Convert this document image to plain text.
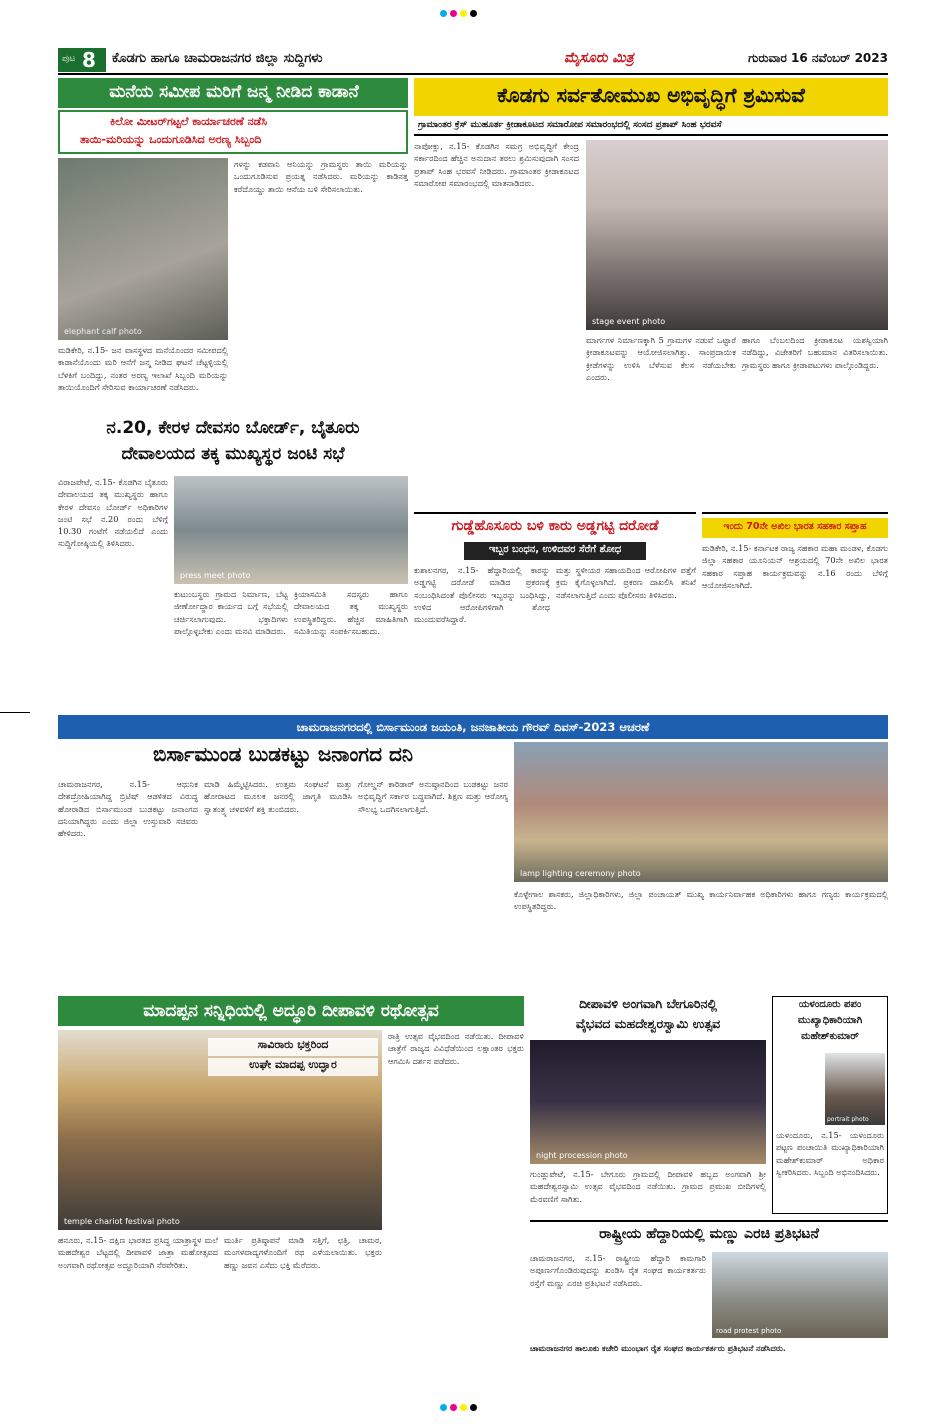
ಪುಟ 8 ಕೊಡಗು ಹಾಗೂ ಚಾಮರಾಜನಗರ ಜಿಲ್ಲಾ ಸುದ್ದಿಗಳು	ಮೈಸೂರು ಮಿತ್ರ	ಗುರುವಾರ 16 ನವೆಂಬರ್ 2023
ಮನೆಯ ಸಮೀಪ ಮರಿಗೆ ಜನ್ಮ ನೀಡಿದ ಕಾಡಾನೆ
ಕಿಲೋ ಮೀಟರ್‌ಗಟ್ಟಲೆ ಕಾರ್ಯಾಚರಣೆ ನಡೆಸಿ
ತಾಯಿ-ಮರಿಯನ್ನು ಒಂದುಗೂಡಿಸಿದ ಅರಣ್ಯ ಸಿಬ್ಬಂದಿ
elephant calf photo
ಮಡಿಕೇರಿ, ನ.15- ಜನ ವಾಸಸ್ಥಳದ ಮನೆಯೊಂದರ ಸಮೀಪದಲ್ಲಿ ಕಾಡಾನೆಯೊಂದು ಮರಿ ಆನೆಗೆ ಜನ್ಮ ನೀಡಿದ ಘಟನೆ ಚೆಟ್ಟಳ್ಳಿಯಲ್ಲಿ ಬೆಳಕಿಗೆ ಬಂದಿದ್ದು, ನಂತರ ಅರಣ್ಯ ಇಲಾಖೆ ಸಿಬ್ಬಂದಿ ಮರಿಯನ್ನು ತಾಯಿಯೊಂದಿಗೆ ಸೇರಿಸುವ ಕಾರ್ಯಾಚರಣೆ ನಡೆಸಿದರು.
ಗಳನ್ನು ಕಡವಾನಿ ಆನಿಯನ್ನು ಗ್ರಾಮಸ್ಥರು ತಾಯಿ ಮರಿಯನ್ನು ಒಂದುಗೂಡಿಸುವ ಪ್ರಯತ್ನ ನಡೆಸಿದರು. ಮರಿಯನ್ನು ಕಾಡಿನತ್ತ ಕರೆದೊಯ್ದು ತಾಯಿ ಆನೆಯ ಬಳಿ ಸೇರಿಸಲಾಯಿತು.
ಕೊಡಗು ಸರ್ವತೋಮುಖ ಅಭಿವೃದ್ಧಿಗೆ ಶ್ರಮಿಸುವೆ
ಗ್ರಾಮಾಂತರ ಕ್ರೆಸ್ ಮುಹೂರ್ತ ಕ್ರೀಡಾಕೂಟದ ಸಮಾರೋಪ ಸಮಾರಂಭದಲ್ಲಿ ಸಂಸದ ಪ್ರತಾಪ್ ಸಿಂಹ ಭರವಸೆ
ನಾಪೋಕ್ಲು, ನ.15- ಕೊಡಗಿನ ಸಮಗ್ರ ಅಭಿವೃದ್ಧಿಗೆ ಕೇಂದ್ರ ಸರ್ಕಾರದಿಂದ ಹೆಚ್ಚಿನ ಅನುದಾನ ತರಲು ಶ್ರಮಿಸುವುದಾಗಿ ಸಂಸದ ಪ್ರತಾಪ್ ಸಿಂಹ ಭರವಸೆ ನೀಡಿದರು. ಗ್ರಾಮಾಂತರ ಕ್ರೀಡಾಕೂಟದ ಸಮಾರೋಪ ಸಮಾರಂಭದಲ್ಲಿ ಮಾತನಾಡಿದರು.
stage event photo
ಮಾರ್ಗಗಳ ನಿರ್ಮಾಣಕ್ಕಾಗಿ 5 ಗ್ರಾಮಗಳ ನಡುವೆ ಒಟ್ಟಾರೆ ಕ್ರೀಡಾಕೂಟವನ್ನು ಆಯೋಜಿಸಲಾಗಿತ್ತು. ಸಾಂಪ್ರದಾಯಿಕ ಕ್ರೀಡೆಗಳನ್ನು ಉಳಿಸಿ ಬೆಳೆಸುವ ಕೆಲಸ ನಡೆಯಬೇಕು ಎಂದರು.
ಹಾಗೂ ಬೆಂಬಲದಿಂದ ಕ್ರೀಡಾಕೂಟ ಯಶಸ್ವಿಯಾಗಿ ನಡೆದಿದ್ದು, ವಿಜೇತರಿಗೆ ಬಹುಮಾನ ವಿತರಿಸಲಾಯಿತು. ಗ್ರಾಮಸ್ಥರು ಹಾಗೂ ಕ್ರೀಡಾಪಟುಗಳು ಪಾಲ್ಗೊಂಡಿದ್ದರು.
ನ.20, ಕೇರಳ ದೇವಸಂ ಬೋರ್ಡ್, ಬೈತೂರು
ದೇವಾಲಯದ ತಕ್ಕ ಮುಖ್ಯಸ್ಥರ ಜಂಟಿ ಸಭೆ
ವಿರಾಜಪೇಟೆ, ನ.15- ಕೊಡಗಿನ ಬೈತೂರು ದೇವಾಲಯದ ತಕ್ಕ ಮುಖ್ಯಸ್ಥರು ಹಾಗೂ ಕೇರಳ ದೇವಸಂ ಬೋರ್ಡ್ ಅಧಿಕಾರಿಗಳ ಜಂಟಿ ಸಭೆ ನ.20 ರಂದು ಬೆಳಿಗ್ಗೆ 10.30 ಗಂಟೆಗೆ ನಡೆಯಲಿದೆ ಎಂದು ಸುದ್ದಿಗೋಷ್ಠಿಯಲ್ಲಿ ತಿಳಿಸಿದರು.
press meet photo
ಕುಟುಂಬಸ್ಥರು ಗ್ರಾಮದ ನಿರ್ಮಾಣ, ಬೆಟ್ಟ ಜೀರ್ಣೋದ್ಧಾರ ಕಾರ್ಯದ ಬಗ್ಗೆ ಸಭೆಯಲ್ಲಿ ಚರ್ಚಿಸಲಾಗುವುದು. ಭಕ್ತಾದಿಗಳು ಪಾಲ್ಗೊಳ್ಳಬೇಕು ಎಂದು ಮನವಿ ಮಾಡಿದರು.
ಕ್ರಿಯಾಸಮಿತಿ ಸದಸ್ಯರು ಹಾಗೂ ದೇವಾಲಯದ ತಕ್ಕ ಮುಖ್ಯಸ್ಥರು ಉಪಸ್ಥಿತರಿದ್ದರು. ಹೆಚ್ಚಿನ ಮಾಹಿತಿಗಾಗಿ ಸಮಿತಿಯನ್ನು ಸಂಪರ್ಕಿಸಬಹುದು.
ಗುಡ್ಡೆಹೊಸೂರು ಬಳಿ ಕಾರು ಅಡ್ಡಗಟ್ಟಿ ದರೋಡೆ
ಇಬ್ಬರ ಬಂಧನ, ಉಳಿದವರ ಸೆರೆಗೆ ಶೋಧ
ಕುಶಾಲನಗರ, ನ.15- ಹೆದ್ದಾರಿಯಲ್ಲಿ ಕಾರನ್ನು ಅಡ್ಡಗಟ್ಟಿ ದರೋಡೆ ಮಾಡಿದ ಪ್ರಕರಣಕ್ಕೆ ಸಂಬಂಧಿಸಿದಂತೆ ಪೊಲೀಸರು ಇಬ್ಬರನ್ನು ಬಂಧಿಸಿದ್ದು, ಉಳಿದ ಆರೋಪಿಗಳಿಗಾಗಿ ಶೋಧ ಮುಂದುವರೆಸಿದ್ದಾರೆ.
ಮತ್ತು ಸ್ಥಳೀಯರ ಸಹಾಯದಿಂದ ಆರೋಪಿಗಳ ಪತ್ತೆಗೆ ಕ್ರಮ ಕೈಗೊಳ್ಳಲಾಗಿದೆ. ಪ್ರಕರಣ ದಾಖಲಿಸಿ ತನಿಖೆ ನಡೆಸಲಾಗುತ್ತಿದೆ ಎಂದು ಪೊಲೀಸರು ತಿಳಿಸಿದರು.
ಇಂದು 70ನೇ ಅಖಿಲ ಭಾರತ ಸಹಕಾರ ಸಪ್ತಾಹ
ಮಡಿಕೇರಿ, ನ.15- ಕರ್ನಾಟಕ ರಾಜ್ಯ ಸಹಕಾರ ಮಹಾ ಮಂಡಳ, ಕೊಡಗು ಜಿಲ್ಲಾ ಸಹಕಾರ ಯೂನಿಯನ್ ಆಶ್ರಯದಲ್ಲಿ 70ನೇ ಅಖಿಲ ಭಾರತ ಸಹಕಾರ ಸಪ್ತಾಹ ಕಾರ್ಯಕ್ರಮವನ್ನು ನ.16 ರಂದು ಬೆಳಿಗ್ಗೆ ಆಯೋಜಿಸಲಾಗಿದೆ.
ಚಾಮರಾಜನಗರದಲ್ಲಿ ಬಿರ್ಸಾಮುಂಡ ಜಯಂತಿ, ಜನಜಾತೀಯ ಗೌರವ್ ದಿವಸ್-2023 ಆಚರಣೆ
ಬಿರ್ಸಾಮುಂಡ ಬುಡಕಟ್ಟು ಜನಾಂಗದ ದನಿ
ಚಾಮರಾಜನಗರ, ನ.15- ಆಧುನಿಕ ದೇಶದ್ರೋಹಿಯಾಗಿದ್ದ ಬ್ರಿಟಿಷ್ ಆಡಳಿತದ ವಿರುದ್ಧ ಹೋರಾಡಿದ ಬಿರ್ಸಾಮುಂಡ ಬುಡಕಟ್ಟು ಜನಾಂಗದ ದನಿಯಾಗಿದ್ದರು ಎಂದು ಜಿಲ್ಲಾ ಉಸ್ತುವಾರಿ ಸಚಿವರು ಹೇಳಿದರು.
ಮಾಡಿ ಹಿಮ್ಮೆಟ್ಟಿಸಿದರು. ಉತ್ತಮ ಸಂಘಟನೆ ಮತ್ತು ಹೋರಾಟದ ಮೂಲಕ ಜನರಲ್ಲಿ ಜಾಗೃತಿ ಮೂಡಿಸಿ ಸ್ವಾತಂತ್ರ್ಯ ಚಳವಳಿಗೆ ಶಕ್ತಿ ತುಂಬಿದರು.
ಗೋಲ್ಡನ್ ಕಾರಿಡಾರ್ ಅನುಷ್ಠಾನದಿಂದ ಬುಡಕಟ್ಟು ಜನರ ಅಭಿವೃದ್ಧಿಗೆ ಸರ್ಕಾರ ಬದ್ಧವಾಗಿದೆ. ಶಿಕ್ಷಣ ಮತ್ತು ಆರೋಗ್ಯ ಸೌಲಭ್ಯ ಒದಗಿಸಲಾಗುತ್ತಿದೆ.
lamp lighting ceremony photo
ಕೊಳ್ಳೇಗಾಲ ಶಾಸಕರು, ಜಿಲ್ಲಾಧಿಕಾರಿಗಳು, ಜಿಲ್ಲಾ ಪಂಚಾಯತ್ ಮುಖ್ಯ ಕಾರ್ಯನಿರ್ವಾಹಕ ಅಧಿಕಾರಿಗಳು ಹಾಗೂ ಗಣ್ಯರು ಕಾರ್ಯಕ್ರಮದಲ್ಲಿ ಉಪಸ್ಥಿತರಿದ್ದರು.
ಮಾದಪ್ಪನ ಸನ್ನಿಧಿಯಲ್ಲಿ ಅದ್ಧೂರಿ ದೀಪಾವಳಿ ರಥೋತ್ಸವ
ಸಾವಿರಾರು ಭಕ್ತರಿಂದ
ಉಘೇ ಮಾದಪ್ಪ ಉದ್ಘಾರ
temple chariot festival photo
ರಾತ್ರಿ ಉತ್ಸವ ವೈಭವದಿಂದ ನಡೆಯಿತು. ದೀಪಾವಳಿ ಜಾತ್ರೆಗೆ ರಾಜ್ಯದ ವಿವಿಧೆಡೆಯಿಂದ ಲಕ್ಷಾಂತರ ಭಕ್ತರು ಆಗಮಿಸಿ ದರ್ಶನ ಪಡೆದರು.
ಹನೂರು, ನ.15- ದಕ್ಷಿಣ ಭಾರತದ ಪ್ರಸಿದ್ಧ ಯಾತ್ರಾಸ್ಥಳ ಮಲೆ ಮಹದೇಶ್ವರ ಬೆಟ್ಟದಲ್ಲಿ ದೀಪಾವಳಿ ಜಾತ್ರಾ ಮಹೋತ್ಸವದ ಅಂಗವಾಗಿ ರಥೋತ್ಸವ ಅದ್ಧೂರಿಯಾಗಿ ನೆರವೇರಿತು.
ಮುರ್ತಿ ಪ್ರತಿಷ್ಠಾಪನೆ ಮಾಡಿ ಸತ್ತಿಗೆ, ಛತ್ರಿ, ಚಾಮರ, ಮಂಗಳವಾದ್ಯಗಳೊಂದಿಗೆ ರಥ ಎಳೆಯಲಾಯಿತು. ಭಕ್ತರು ಹಣ್ಣು ಜವನ ಎಸೆದು ಭಕ್ತಿ ಮೆರೆದರು.
ದೀಪಾವಳಿ ಅಂಗವಾಗಿ ಬೇಗೂರಿನಲ್ಲಿ
ವೈಭವದ ಮಹದೇಶ್ವರಸ್ವಾಮಿ ಉತ್ಸವ
night procession photo
ಗುಂಡ್ಲುಪೇಟೆ, ನ.15- ಬೇಗೂರು ಗ್ರಾಮದಲ್ಲಿ ದೀಪಾವಳಿ ಹಬ್ಬದ ಅಂಗವಾಗಿ ಶ್ರೀ ಮಹದೇಶ್ವರಸ್ವಾಮಿ ಉತ್ಸವ ವೈಭವದಿಂದ ನಡೆಯಿತು. ಗ್ರಾಮದ ಪ್ರಮುಖ ಬೀದಿಗಳಲ್ಲಿ ಮೆರವಣಿಗೆ ಸಾಗಿತು.
ಯಳಂದೂರು ಪಪಂ
ಮುಖ್ಯಾಧಿಕಾರಿಯಾಗಿ
ಮಹೇಶ್‌ಕುಮಾರ್
portrait photo
ಯಳಂದೂರು, ನ.15- ಯಳಂದೂರು ಪಟ್ಟಣ ಪಂಚಾಯಿತಿ ಮುಖ್ಯಾಧಿಕಾರಿಯಾಗಿ ಮಹೇಶ್‌ಕುಮಾರ್ ಅಧಿಕಾರ ಸ್ವೀಕರಿಸಿದರು. ಸಿಬ್ಬಂದಿ ಅಭಿನಂದಿಸಿದರು.
ರಾಷ್ಟ್ರೀಯ ಹೆದ್ದಾರಿಯಲ್ಲಿ ಮಣ್ಣು ಎರಚಿ ಪ್ರತಿಭಟನೆ
ಚಾಮರಾಜನಗರ, ನ.15- ರಾಷ್ಟ್ರೀಯ ಹೆದ್ದಾರಿ ಕಾಮಗಾರಿ ಅಪೂರ್ಣಗೊಂಡಿರುವುದನ್ನು ಖಂಡಿಸಿ ರೈತ ಸಂಘದ ಕಾರ್ಯಕರ್ತರು ರಸ್ತೆಗೆ ಮಣ್ಣು ಎರಚಿ ಪ್ರತಿಭಟನೆ ನಡೆಸಿದರು.
road protest photo
ಚಾಮರಾಜನಗರ ತಾಲೂಕು ಕಚೇರಿ ಮುಂಭಾಗ ರೈತ ಸಂಘದ ಕಾರ್ಯಕರ್ತರು ಪ್ರತಿಭಟನೆ ನಡೆಸಿದರು.
